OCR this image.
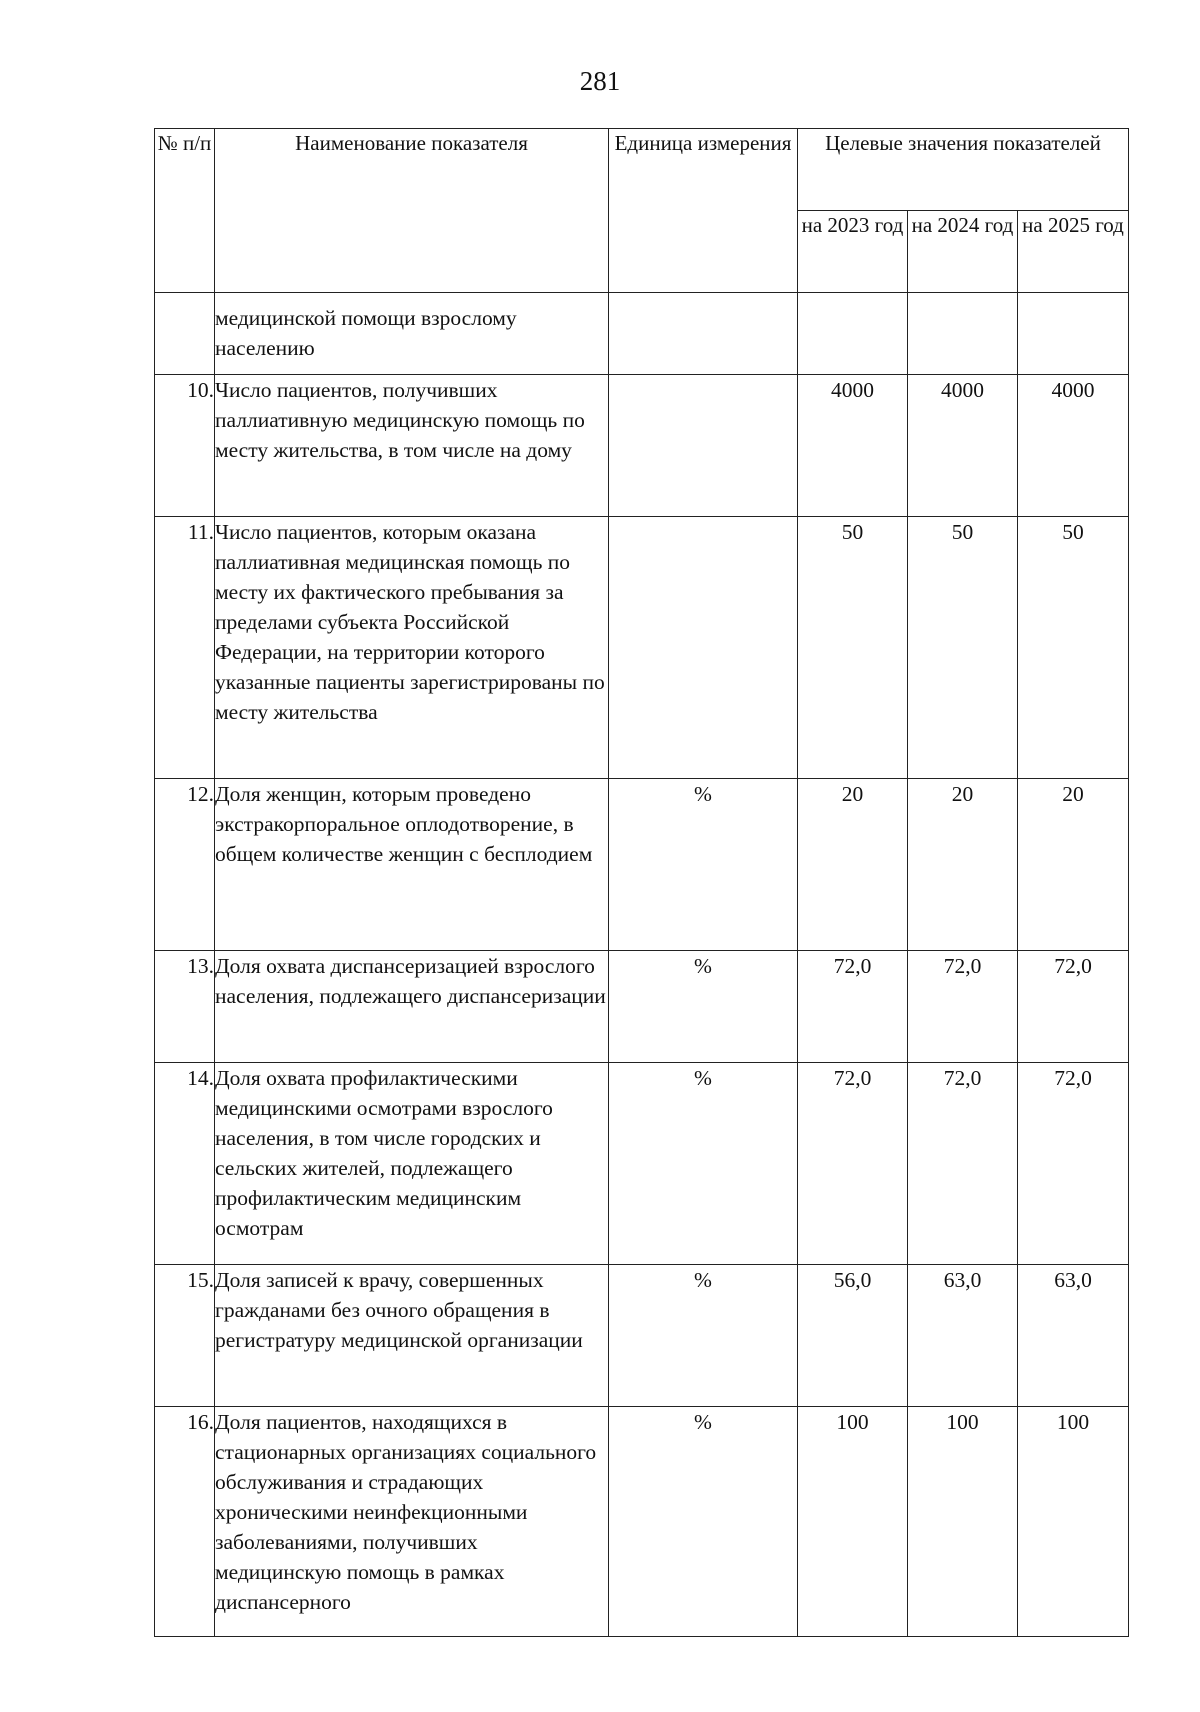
281
№ п/п	Наименование показателя	Единица измерения	Целевые значения показателей		
			на 2023 год	на 2024 год	на 2025 год
	медицинской помощи взрослому населению				
10.	Число пациентов, получивших паллиативную медицинскую помощь по месту жительства, в том числе на дому		4000	4000	4000
11.	Число пациентов, которым оказана паллиативная медицинская помощь по месту их фактического пребывания за пределами субъекта Российской Федерации, на территории которого указанные пациенты зарегистрированы по месту жительства		50	50	50
12.	Доля женщин, которым проведено экстракорпоральное оплодотворение, в общем количестве женщин с бесплодием	%	20	20	20
13.	Доля охвата диспансеризацией взрослого населения, подлежащего диспансеризации	%	72,0	72,0	72,0
14.	Доля охвата профилактическими медицинскими осмотрами взрослого населения, в том числе городских и сельских жителей, подлежащего профилактическим медицинским осмотрам	%	72,0	72,0	72,0
15.	Доля записей к врачу, совершенных гражданами без очного обращения в регистратуру медицинской организации	%	56,0	63,0	63,0
16.	Доля пациентов, находящихся в стационарных организациях социального обслуживания и страдающих хроническими неинфекционными заболеваниями, получивших медицинскую помощь в рамках диспансерного	%	100	100	100
